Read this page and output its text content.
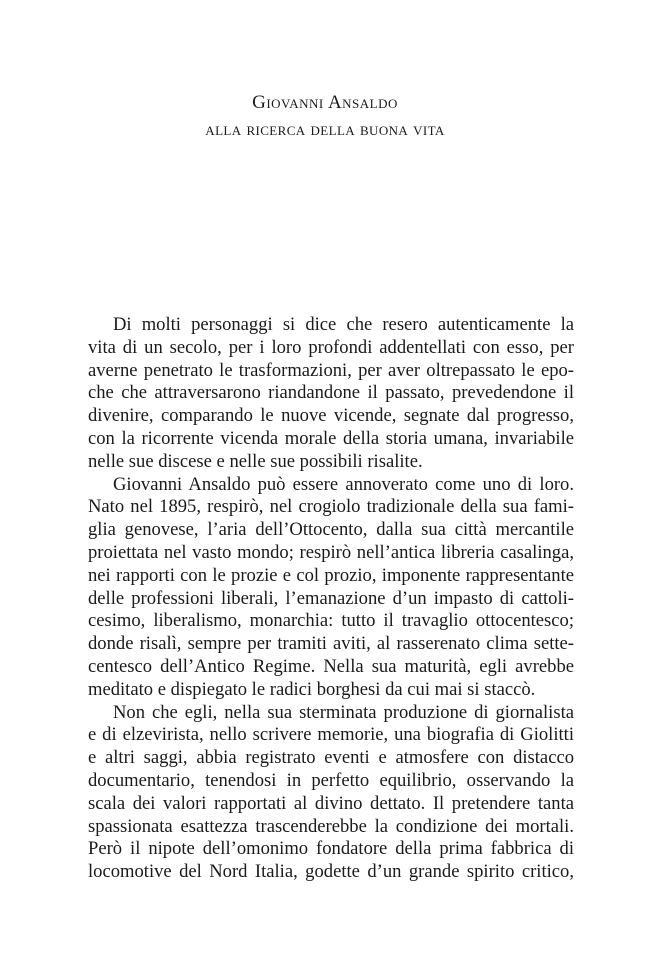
Giovanni Ansaldo
alla ricerca della buona vita
Di molti personaggi si dice che resero autenticamente la
vita di un secolo, per i loro profondi addentellati con esso, per
averne penetrato le trasformazioni, per aver oltrepassato le epo-
che che attraversarono riandandone il passato, prevedendone il
divenire, comparando le nuove vicende, segnate dal progresso,
con la ricorrente vicenda morale della storia umana, invariabile
nelle sue discese e nelle sue possibili risalite.
Giovanni Ansaldo può essere annoverato come uno di loro.
Nato nel 1895, respirò, nel crogiolo tradizionale della sua fami-
glia genovese, l’aria dell’Ottocento, dalla sua città mercantile
proiettata nel vasto mondo; respirò nell’antica libreria casalinga,
nei rapporti con le prozie e col prozio, imponente rappresentante
delle professioni liberali, l’emanazione d’un impasto di cattoli-
cesimo, liberalismo, monarchia: tutto il travaglio ottocentesco;
donde risalì, sempre per tramiti aviti, al rasserenato clima sette-
centesco dell’Antico Regime. Nella sua maturità, egli avrebbe
meditato e dispiegato le radici borghesi da cui mai si staccò.
Non che egli, nella sua sterminata produzione di giornalista
e di elzevirista, nello scrivere memorie, una biografia di Giolitti
e altri saggi, abbia registrato eventi e atmosfere con distacco
documentario, tenendosi in perfetto equilibrio, osservando la
scala dei valori rapportati al divino dettato. Il pretendere tanta
spassionata esattezza trascenderebbe la condizione dei mortali.
Però il nipote dell’omonimo fondatore della prima fabbrica di
locomotive del Nord Italia, godette d’un grande spirito critico,
